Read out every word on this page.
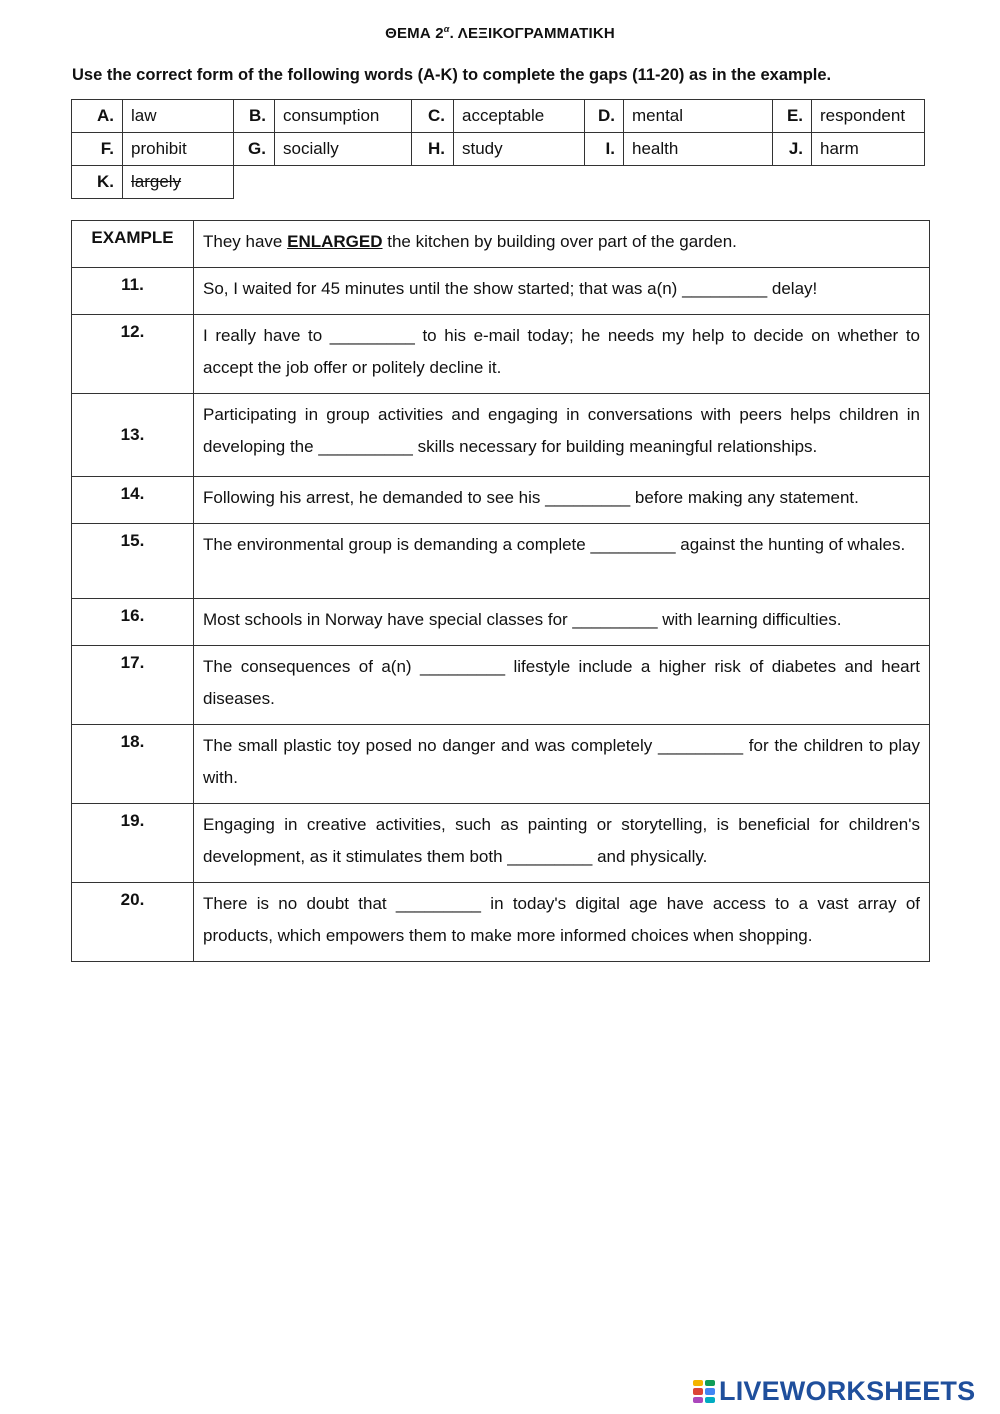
ΘΕΜΑ $2^\alpha$. ΛΕΞΙΚΟΓΡΑΜΜΑΤΙΚΗ
Use the correct form of the following words (A-K) to complete the gaps (11-20) as in the example.
A.	law	B.	consumption	C.	acceptable	D.	mental	E.	respondent
F.	prohibit	G.	socially	H.	study	I.	health	J.	harm
K.	largely								
EXAMPLE	They have ENLARGED the kitchen by building over part of the garden.
11.	So, I waited for 45 minutes until the show started; that was a(n) _________ delay!
12.	I really have to _________ to his e-mail today; he needs my help to decide on whether to accept the job offer or politely decline it.
13.	Participating in group activities and engaging in conversations with peers helps children in developing the __________ skills necessary for building meaningful relationships.
14.	Following his arrest, he demanded to see his _________ before making any statement.
15.	The environmental group is demanding a complete _________ against the hunting of whales.
16.	Most schools in Norway have special classes for _________ with learning difficulties.
17.	The consequences of a(n) _________ lifestyle include a higher risk of diabetes and heart diseases.
18.	The small plastic toy posed no danger and was completely _________ for the children to play with.
19.	Engaging in creative activities, such as painting or storytelling, is beneficial for children's development, as it stimulates them both _________ and physically.
20.	There is no doubt that _________ in today's digital age have access to a vast array of products, which empowers them to make more informed choices when shopping.
LIVEWORKSHEETS
